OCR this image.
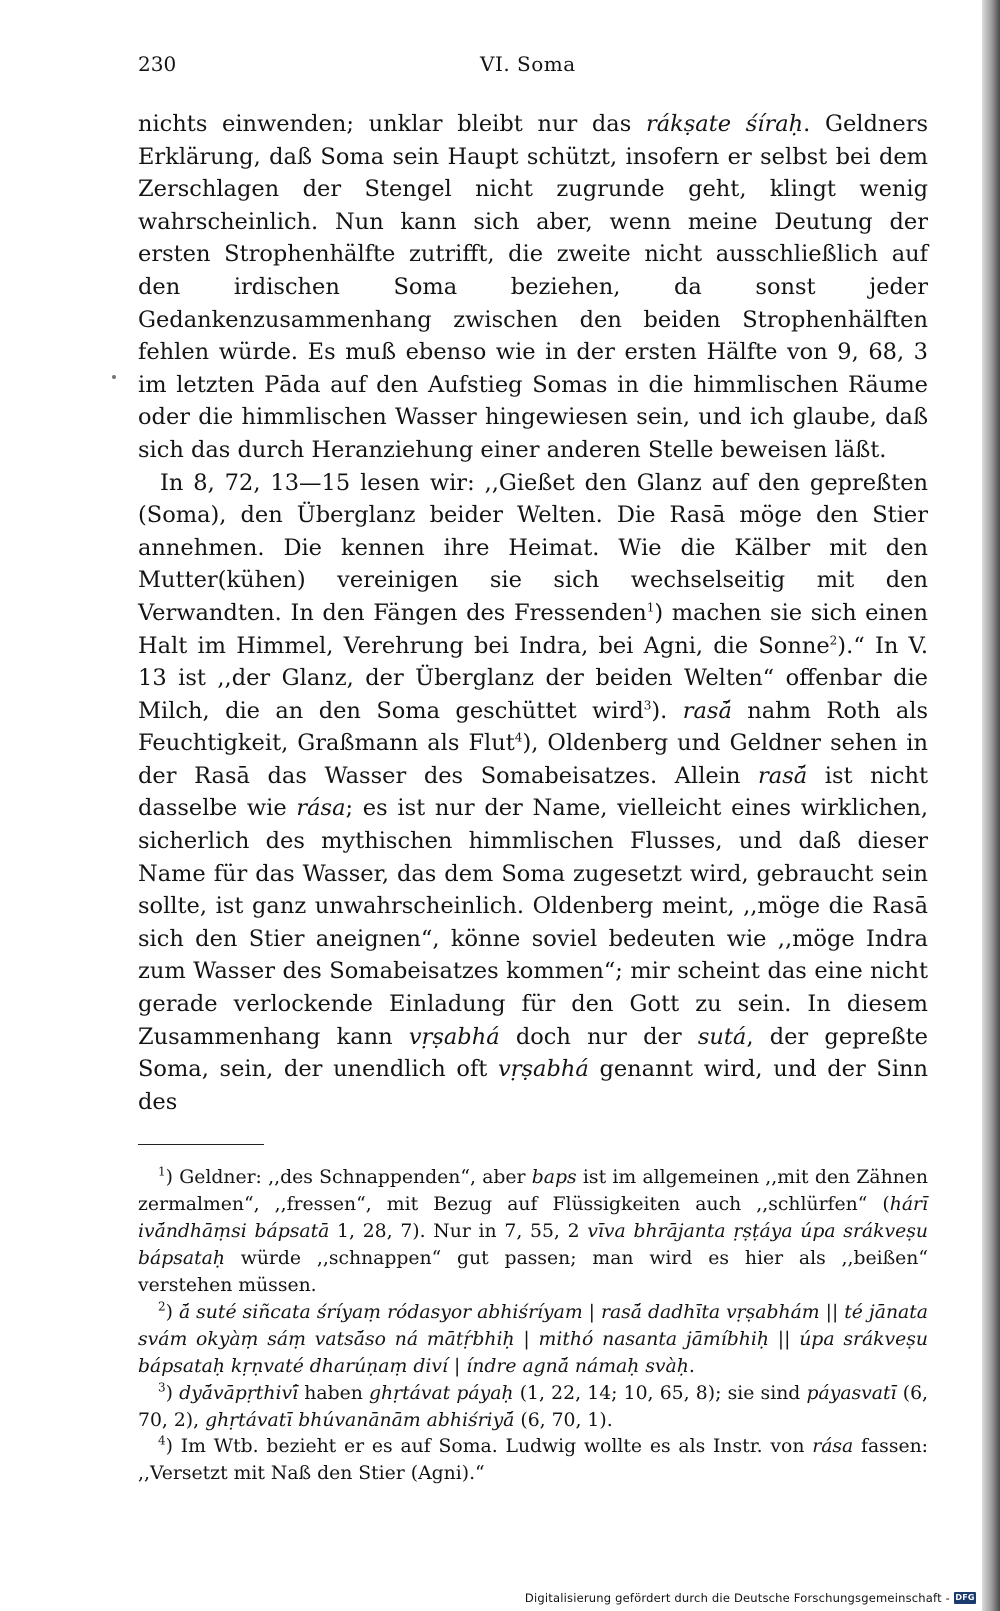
230	VI. Soma

nichts einwenden; unklar bleibt nur das rákṣate śíraḥ. Geldners Erklärung, daß Soma sein Haupt schützt, insofern er selbst bei dem Zerschlagen der Stengel nicht zugrunde geht, klingt wenig wahrscheinlich. Nun kann sich aber, wenn meine Deutung der ersten Strophenhälfte zutrifft, die zweite nicht ausschließlich auf den irdischen Soma beziehen, da sonst jeder Gedankenzusammenhang zwischen den beiden Strophenhälften fehlen würde. Es muß ebenso wie in der ersten Hälfte von 9, 68, 3 im letzten Pāda auf den Aufstieg Somas in die himmlischen Räume oder die himmlischen Wasser hingewiesen sein, und ich glaube, daß sich das durch Heranziehung einer anderen Stelle beweisen läßt.

In 8, 72, 13—15 lesen wir: ,,Gießet den Glanz auf den gepreßten (Soma), den Überglanz beider Welten. Die Rasā möge den Stier annehmen. Die kennen ihre Heimat. Wie die Kälber mit den Mutter(kühen) vereinigen sie sich wechselseitig mit den Verwandten. In den Fängen des Fressenden$^1$) machen sie sich einen Halt im Himmel, Verehrung bei Indra, bei Agni, die Sonne$^2$).“ In V. 13 ist ,,der Glanz, der Überglanz der beiden Welten“ offenbar die Milch, die an den Soma geschüttet wird$^3$). rasā́ nahm Roth als Feuchtigkeit, Graßmann als Flut$^4$), Oldenberg und Geldner sehen in der Rasā das Wasser des Somabeisatzes. Allein rasā́ ist nicht dasselbe wie rása; es ist nur der Name, vielleicht eines wirklichen, sicherlich des mythischen himmlischen Flusses, und daß dieser Name für das Wasser, das dem Soma zugesetzt wird, gebraucht sein sollte, ist ganz unwahrscheinlich. Oldenberg meint, ,,möge die Rasā sich den Stier aneignen“, könne soviel bedeuten wie ,,möge Indra zum Wasser des Somabeisatzes kommen“; mir scheint das eine nicht gerade verlockende Einladung für den Gott zu sein. In diesem Zusammenhang kann vṛṣabhá doch nur der sutá, der gepreßte Soma, sein, der unendlich oft vṛṣabhá genannt wird, und der Sinn des

$^1$) Geldner: ,,des Schnappenden“, aber baps ist im allgemeinen ,,mit den Zähnen zermalmen“, ,,fressen“, mit Bezug auf Flüssigkeiten auch ,,schlürfen“ (hárī ivā́ndhāṃsi bápsatā 1, 28, 7). Nur in 7, 55, 2 vīva bhrājanta ṛṣṭáya úpa srákveṣu bápsataḥ würde ,,schnappen“ gut passen; man wird es hier als ,,beißen“ verstehen müssen.

$^2$) ā́ suté siñcata śríyaṃ ródasyor abhiśríyam | rasā́ dadhīta vṛṣabhám || té jānata svám okyàṃ sáṃ vatsā́so ná mātṛ́bhiḥ | mithó nasanta jāmíbhiḥ || úpa srákveṣu bápsataḥ kṛṇvaté dharúṇaṃ diví | índre agnā́ námaḥ svàḥ.

$^3$) dyā́vāpṛthivī́ haben ghṛtávat páyaḥ (1, 22, 14; 10, 65, 8); sie sind páyasvatī (6, 70, 2), ghṛtávatī bhúvanānām abhiśriyā́ (6, 70, 1).

$^4$) Im Wtb. bezieht er es auf Soma. Ludwig wollte es als Instr. von rása fassen: ,,Versetzt mit Naß den Stier (Agni).“

Digitalisierung gefördert durch die Deutsche Forschungsgemeinschaft - DFG
